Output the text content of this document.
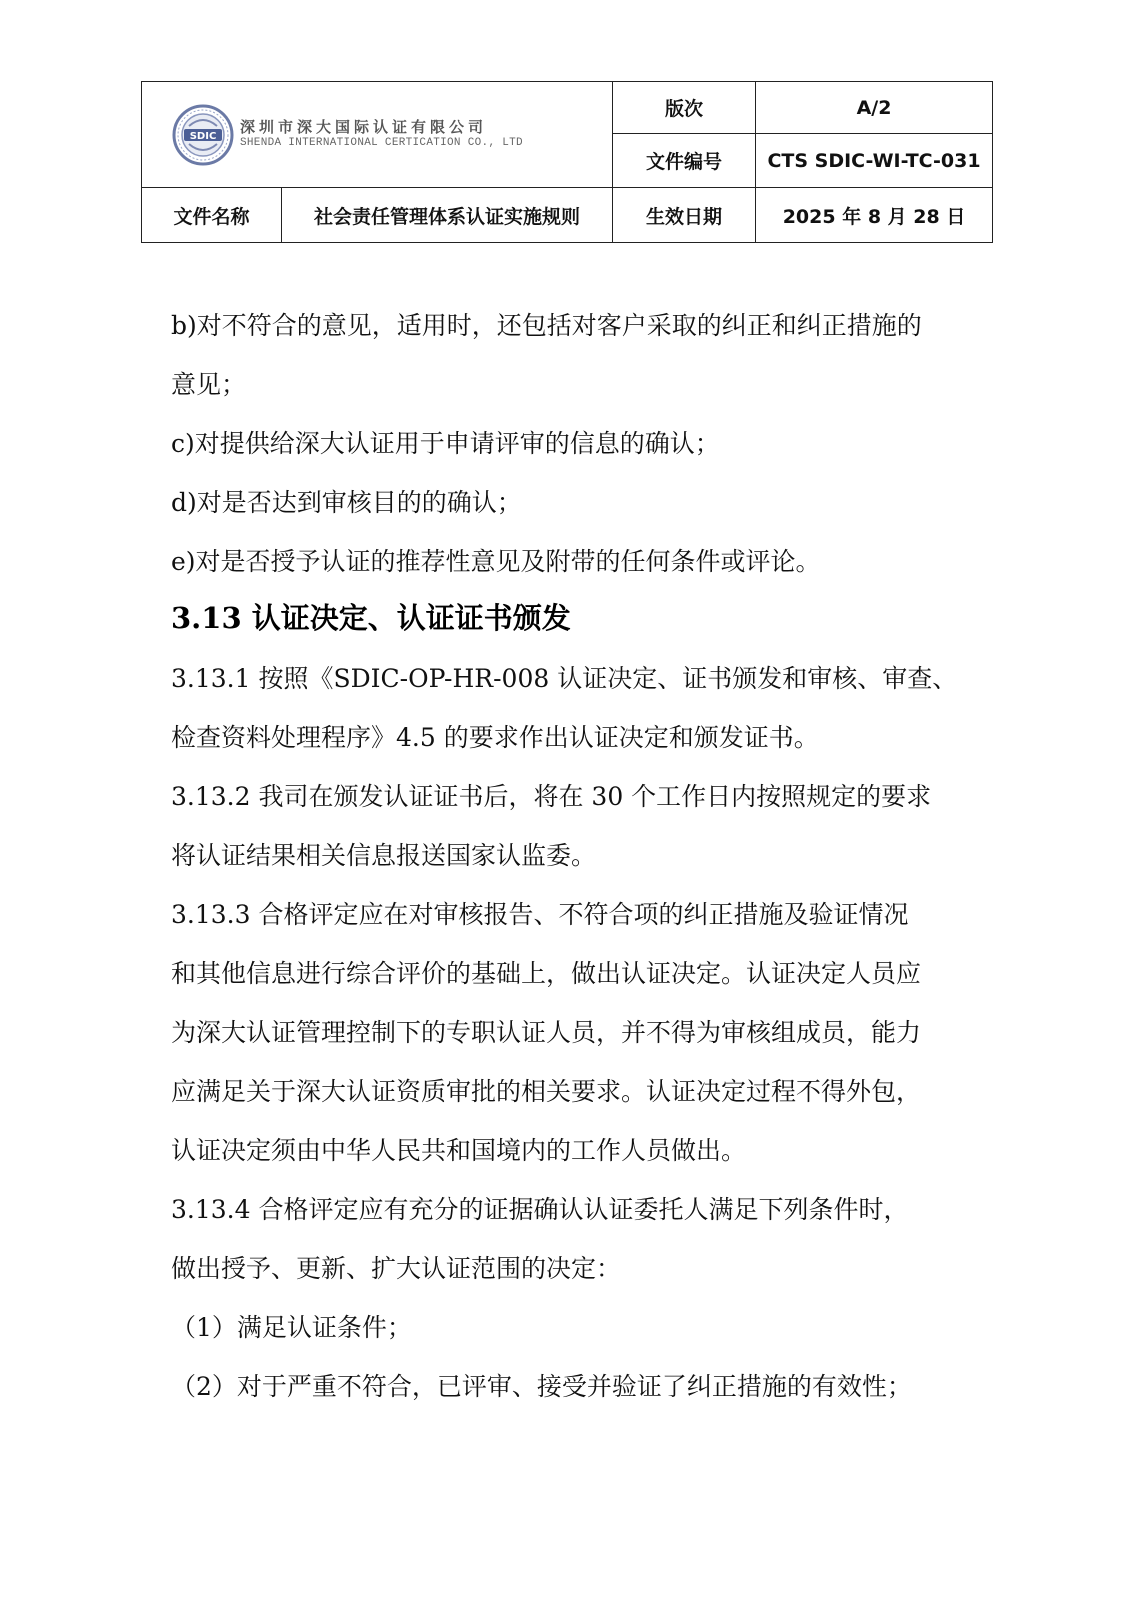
SDIC 深圳市深大国际认证有限公司
SHENDA INTERNATIONAL CERTICATION CO., LTD		版次	A/2
		文件编号	CTS SDIC-WI-TC-031
文件名称	社会责任管理体系认证实施规则	生效日期	2025 年 8 月 28 日

b)对不符合的意见，适用时，还包括对客户采取的纠正和纠正措施的

意见；

c)对提供给深大认证用于申请评审的信息的确认；

d)对是否达到审核目的的确认；

e)对是否授予认证的推荐性意见及附带的任何条件或评论。

3.13 认证决定、认证证书颁发

3.13.1 按照《SDIC-OP-HR-008 认证决定、证书颁发和审核、审查、

检查资料处理程序》4.5 的要求作出认证决定和颁发证书。

3.13.2 我司在颁发认证证书后，将在 30 个工作日内按照规定的要求

将认证结果相关信息报送国家认监委。

3.13.3 合格评定应在对审核报告、不符合项的纠正措施及验证情况

和其他信息进行综合评价的基础上，做出认证决定。认证决定人员应

为深大认证管理控制下的专职认证人员，并不得为审核组成员，能力

应满足关于深大认证资质审批的相关要求。认证决定过程不得外包，

认证决定须由中华人民共和国境内的工作人员做出。

3.13.4 合格评定应有充分的证据确认认证委托人满足下列条件时，

做出授予、更新、扩大认证范围的决定：

（1）满足认证条件；

（2）对于严重不符合，已评审、接受并验证了纠正措施的有效性；
